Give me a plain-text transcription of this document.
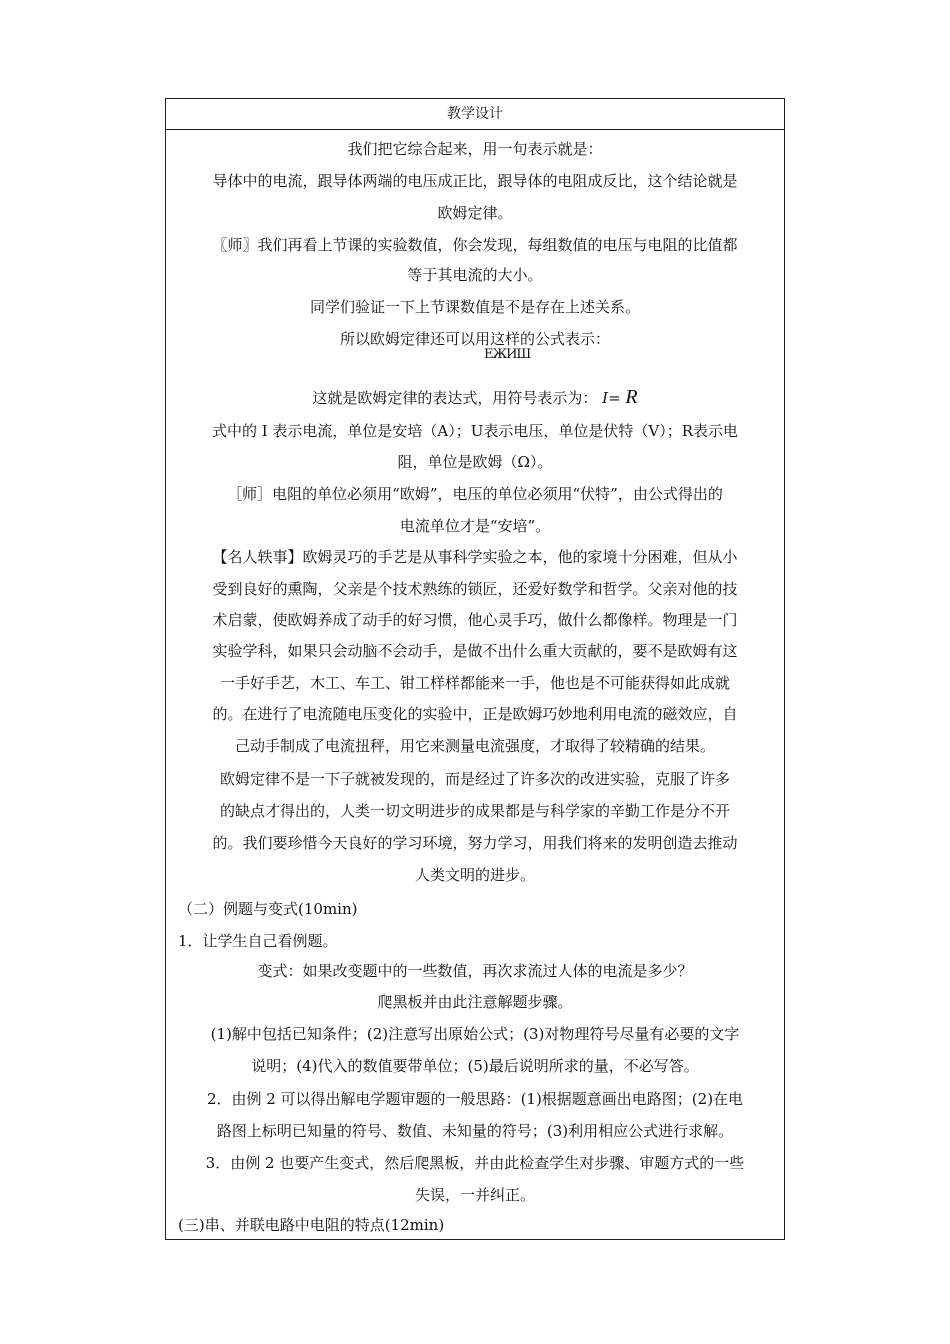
教学设计
我们把它综合起来，用一句表示就是：
导体中的电流，跟导体两端的电压成正比，跟导体的电阻成反比，这个结论就是
欧姆定律。
〖师〗我们再看上节课的实验数值，你会发现，每组数值的电压与电阻的比值都
等于其电流的大小。
同学们验证一下上节课数值是不是存在上述关系。
所以欧姆定律还可以用这样的公式表示：
ЕЖИШ
这就是欧姆定律的表达式，用符号表示为： I= R
式中的 I 表示电流，单位是安培（A）；U表示电压，单位是伏特（V）；R表示电
阻，单位是欧姆（Ω）。
［师］电阻的单位必须用“欧姆”，电压的单位必须用“伏特”，由公式得出的
电流单位才是“安培”。
【名人轶事】欧姆灵巧的手艺是从事科学实验之本，他的家境十分困难，但从小
受到良好的熏陶，父亲是个技术熟练的锁匠，还爱好数学和哲学。父亲对他的技
术启蒙，使欧姆养成了动手的好习惯，他心灵手巧，做什么都像样。物理是一门
实验学科，如果只会动脑不会动手，是做不出什么重大贡献的，要不是欧姆有这
一手好手艺，木工、车工、钳工样样都能来一手，他也是不可能获得如此成就
的。在进行了电流随电压变化的实验中，正是欧姆巧妙地利用电流的磁效应，自
己动手制成了电流扭秤，用它来测量电流强度，才取得了较精确的结果。
欧姆定律不是一下子就被发现的，而是经过了许多次的改进实验，克服了许多
的缺点才得出的，人类一切文明进步的成果都是与科学家的辛勤工作是分不开
的。我们要珍惜今天良好的学习环境，努力学习，用我们将来的发明创造去推动
人类文明的进步。
（二）例题与变式(10min)
1．让学生自己看例题。
变式：如果改变题中的一些数值，再次求流过人体的电流是多少？
爬黑板并由此注意解题步骤。
(1)解中包括已知条件；(2)注意写出原始公式；(3)对物理符号尽量有必要的文字
说明；(4)代入的数值要带单位；(5)最后说明所求的量，不必写答。
2．由例 2 可以得出解电学题审题的一般思路：(1)根据题意画出电路图；(2)在电
路图上标明已知量的符号、数值、未知量的符号；(3)利用相应公式进行求解。
3．由例 2 也要产生变式，然后爬黑板，并由此检查学生对步骤、审题方式的一些
失误，一并纠正。
(三)串、并联电路中电阻的特点(12min)
